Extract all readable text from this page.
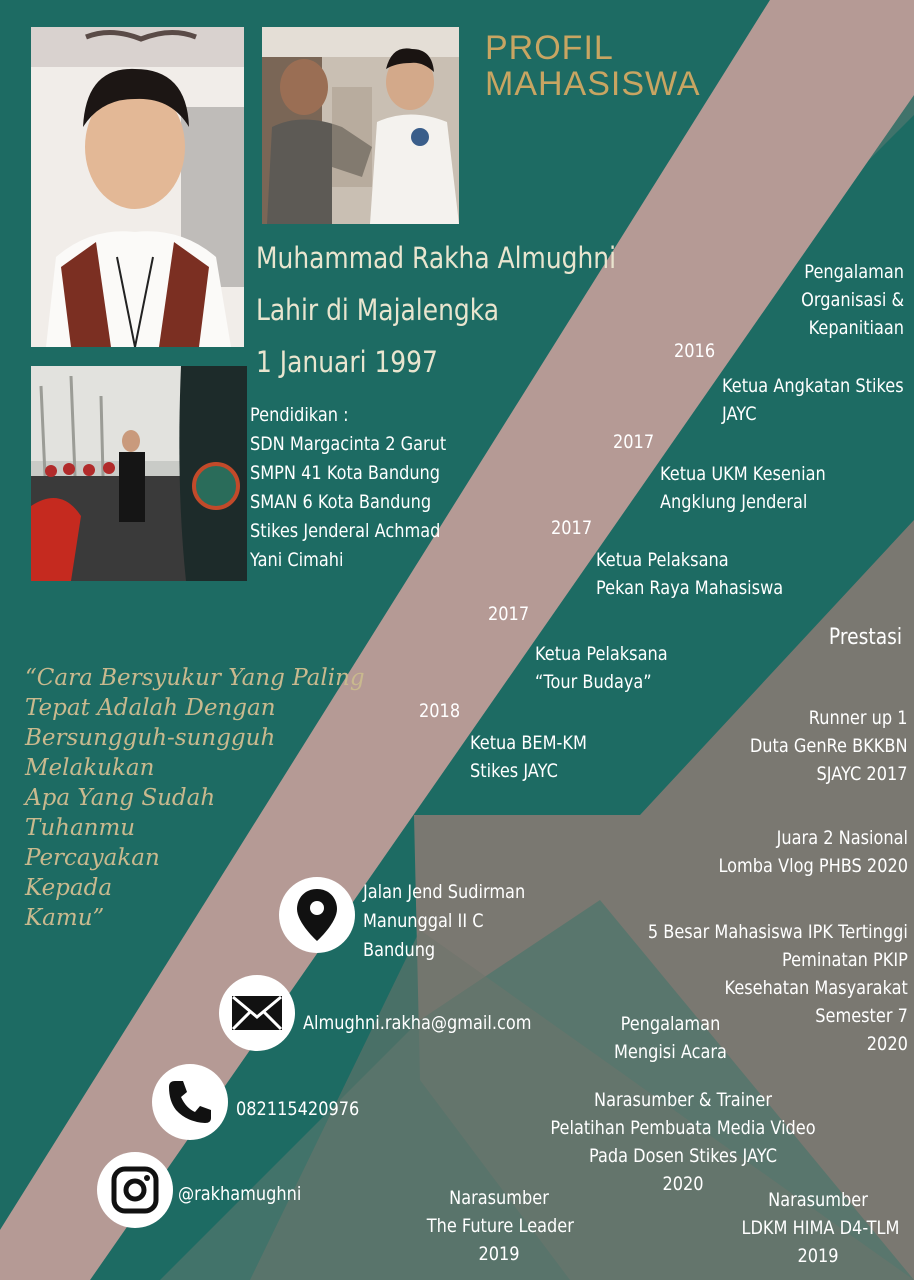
PROFIL
MAHASISWA
Muhammad Rakha Almughni
Lahir di Majalengka
1 Januari 1997
Pendidikan :
SDN Margacinta 2 Garut
SMPN 41 Kota Bandung
SMAN 6 Kota Bandung
Stikes Jenderal Achmad
Yani Cimahi
“Cara Bersyukur Yang Paling
Tepat Adalah Dengan
Bersungguh-sungguh
Melakukan
Apa Yang Sudah
Tuhanmu
Percayakan
Kepada
Kamu”
Pengalaman
Organisasi &
Kepanitiaan
2016
Ketua Angkatan Stikes
JAYC
2017
Ketua UKM Kesenian
Angklung Jenderal
2017
Ketua Pelaksana
Pekan Raya Mahasiswa
2017
Ketua Pelaksana
“Tour Budaya”
2018
Ketua BEM-KM
Stikes JAYC
Prestasi
Runner up 1
Duta GenRe BKKBN
SJAYC 2017
Juara 2 Nasional
Lomba Vlog PHBS 2020
5 Besar Mahasiswa IPK Tertinggi
Peminatan PKIP
Kesehatan Masyarakat
Semester 7
2020
Pengalaman
Mengisi Acara
Narasumber & Trainer
Pelatihan Pembuata Media Video
Pada Dosen Stikes JAYC
2020
Narasumber
The Future Leader
2019
Narasumber
LDKM HIMA D4-TLM
2019
Jalan Jend Sudirman
Manunggal II C
Bandung
Almughni.rakha@gmail.com
082115420976
@rakhamughni
